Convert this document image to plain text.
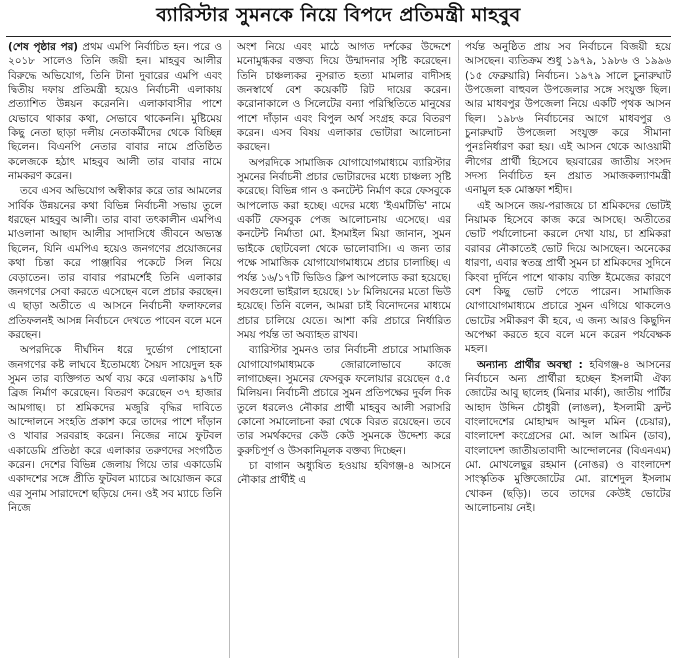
ব্যারিস্টার সুমনকে নিয়ে বিপদে প্রতিমন্ত্রী মাহবুব

(শেষ পৃষ্ঠার পর) প্রথম এমপি নির্বাচিত হন। পরে ও ২০১৮ সালেও তিনি জয়ী হন। মাহবুব আলীর বিরুদ্ধে অভিযোগ, তিনি টানা দুবারের এমপি এবং দ্বিতীয় দফায় প্রতিমন্ত্রী হয়েও নির্বাচনী এলাকায় প্রত্যাশিত উন্নয়ন করেননি। এলাকাবাসীর পাশে যেভাবে থাকার কথা, সেভাবে থাকেননি। মুষ্টিমেয় কিছু নেতা ছাড়া দলীয় নেতাকর্মীদের থেকে বিচ্ছিন্ন ছিলেন। বিএনপি নেতার বাবার নামে প্রতিষ্ঠিত কলেজকে হঠাৎ মাহবুব আলী তার বাবার নামে নামকরণ করেন।

তবে এসব অভিযোগ অস্বীকার করে তার আমলের সার্বিক উন্নয়নের কথা বিভিন্ন নির্বাচনী সভায় তুলে ধরছেন মাহবুব আলী। তার বাবা তৎকালীন এমপিএ মাওলানা আছাদ আলীর সাদাসিধে জীবনে অভ্যস্ত ছিলেন, যিনি এমপিএ হয়েও জনগণের প্রয়োজনের কথা চিন্তা করে পাঞ্জাবির পকেটে সিল নিয়ে বেড়াতেন। তার বাবার পরামর্শেই তিনি এলাকার জনগণের সেবা করতে এসেছেন বলে প্রচার করছেন। এ ছাড়া অতীতে এ আসনে নির্বাচনী ফলাফলের প্রতিফলনই আসন্ন নির্বাচনে দেখতে পাবেন বলে মনে করছেন।

অপরদিকে দীর্ঘদিন ধরে দুর্ভোগ পোহানো জনগণের কষ্ট লাঘবে ইতোমধ্যে সৈয়দ সায়েদুল হক সুমন তার ব্যক্তিগত অর্থ ব্যয় করে এলাকায় ৯৭টি ব্রিজ নির্মাণ করেছেন। বিতরণ করেছেন ৩৭ হাজার আমগাছ। চা শ্রমিকদের মজুরি বৃদ্ধির দাবিতে আন্দোলনে সংহতি প্রকাশ করে তাদের পাশে দাঁড়ান ও খাবার সরবরাহ করেন। নিজের নামে ফুটবল একাডেমি প্রতিষ্ঠা করে এলাকার তরুণদের সংগঠিত করেন। দেশের বিভিন্ন জেলায় গিয়ে তার একাডেমি একাদশের সঙ্গে প্রীতি ফুটবল ম্যাচের আয়োজন করে এর সুনাম সারাদেশে ছড়িয়ে দেন। ওই সব ম্যাচে তিনি নিজে

অংশ নিয়ে এবং মাঠে আগত দর্শকের উদ্দেশে মনোমুগ্ধকর বক্তব্য দিয়ে উন্মাদনার সৃষ্টি করেছেন। তিনি চাঞ্চল্যকর নুসরাত হত্যা মামলার বাদীসহ জনস্বার্থে বেশ কয়েকটি রিট দায়ের করেন। করোনাকালে ও সিলেটের বন্যা পরিস্থিতিতে মানুষের পাশে দাঁড়ান এবং বিপুল অর্থ সংগ্রহ করে বিতরণ করেন। এসব বিষয় এলাকার ভোটারা আলোচনা করছেন।

অপরদিকে সামাজিক যোগাযোগমাধ্যমে ব্যারিস্টার সুমনের নির্বাচনী প্রচার ভোটারদের মধ্যে চাঞ্চল্য সৃষ্টি করেছে। বিভিন্ন গান ও কনটেন্ট নির্মাণ করে ফেসবুকে আপলোড করা হচ্ছে। এদের মধ্যে 'ইএমটিভি' নামে একটি ফেসবুক পেজ আলোচনায় এসেছে। এর কনটেন্ট নির্মাতা মো. ইসমাইল মিয়া জানান, সুমন ভাইকে ছোটবেলা থেকে ভালোবাসি। এ জন্য তার পক্ষে সামাজিক যোগাযোগমাধ্যমে প্রচার চালাচ্ছি। এ পর্যন্ত ১৬/১৭টি ভিডিও ক্লিপ আপলোড করা হয়েছে। সবগুলো ভাইরাল হয়েছে। ১৮ মিলিয়নের মতো ভিউ হয়েছে। তিনি বলেন, আমরা চাই বিনোদনের মাধ্যমে প্রচার চালিয়ে যেতে। আশা করি প্রচারে নির্ধারিত সময় পর্যন্ত তা অব্যাহত রাখব।

ব্যারিস্টার সুমনও তার নির্বাচনী প্রচারে সামাজিক যোগাযোগমাধ্যমকে জোরালোভাবে কাজে লাগাচ্ছেন। সুমনের ফেসবুক ফলোয়ার রয়েছেন ৫.৫ মিলিয়ন। নির্বাচনী প্রচারে সুমন প্রতিপক্ষের দুর্বল দিক তুলে ধরলেও নৌকার প্রার্থী মাহবুব আলী সরাসরি কোনো সমালোচনা করা থেকে বিরত রয়েছেন। তবে তার সমর্থকদের কেউ কেউ সুমনকে উদ্দেশ্য করে কুরুচিপূর্ণ ও উসকানিমূলক বক্তব্য দিচ্ছেন।

চা বাগান অধ্যুষিত হওয়ায় হবিগঞ্জ-৪ আসনে নৌকার প্রার্থীই এ

পর্যন্ত অনুষ্ঠিত প্রায় সব নির্বাচনে বিজয়ী হয়ে আসছেন। ব্যতিক্রম শুধু ১৯৭৯, ১৯৮৬ ও ১৯৯৬ (১৫ ফেব্রুয়ারি) নির্বাচন। ১৯৭৯ সালে চুনারুঘাট উপজেলা বাহুবল উপজেলার সঙ্গে সংযুক্ত ছিল। আর মাধবপুর উপজেলা নিয়ে একটি পৃথক আসন ছিল। ১৯৮৬ নির্বাচনের আগে মাধবপুর ও চুনারুঘাট উপজেলা সংযুক্ত করে সীমানা পুনঃনির্ধারণ করা হয়। এই আসন থেকে আওয়ামী লীগের প্রার্থী হিসেবে ছয়বারের জাতীয় সংসদ সদস্য নির্বাচিত হন প্রয়াত সমাজকল্যাণমন্ত্রী এনামুল হক মোস্তফা শহীদ।

এই আসনে জয়-পরাজয়ে চা শ্রমিকদের ভোটই নিয়ামক হিসেবে কাজ করে আসছে। অতীতের ভোট পর্যালোচনা করলে দেখা যায়, চা শ্রমিকরা বরাবর নৌকাতেই ভোট দিয়ে আসছেন। অনেকের ধারণা, এবার স্বতন্ত্র প্রার্থী সুমন চা শ্রমিকদের সুদিনে কিংবা দুর্দিনে পাশে থাকায় ব্যক্তি ইমেজের কারণে বেশ কিছু ভোট পেতে পারেন। সামাজিক যোগাযোগমাধ্যমে প্রচারে সুমন এগিয়ে থাকলেও ভোটের সমীকরণ কী হবে, এ জন্য আরও কিছুদিন অপেক্ষা করতে হবে বলে মনে করেন পর্যবেক্ষক মহল।

অন্যান্য প্রার্থীর অবস্থা : হবিগঞ্জ-৪ আসনের নির্বাচনে অন্য প্রার্থীরা হচ্ছেন ইসলামী ঐক্য জোটের আবু ছালেহ (মিনার মার্কা), জাতীয় পার্টির আহাদ উদ্দিন চৌধুরী (লাঙল), ইসলামী ফ্রন্ট বাংলাদেশের মোহাম্মদ আব্দুল মমিন (চেয়ার), বাংলাদেশ কংগ্রেসের মো. আল আমিন (ডাব), বাংলাদেশ জাতীয়তাবাদী আন্দোলনের (বিএনএম) মো. মোখলেছুর রহমান (নোঙর) ও বাংলাদেশ সাংস্কৃতিক মুক্তিজোটের মো. রাশেদুল ইসলাম খোকন (ছড়ি)। তবে তাদের কেউই ভোটের আলোচনায় নেই।
